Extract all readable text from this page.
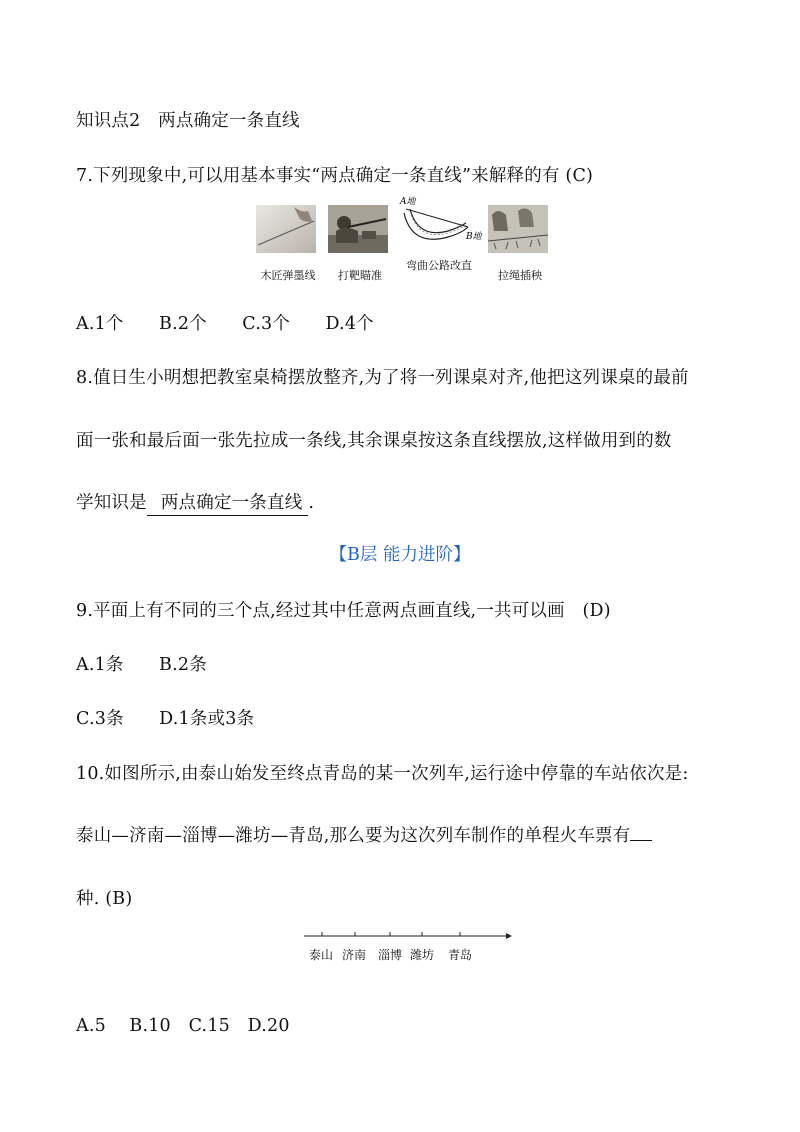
知识点2　两点确定一条直线
7.下列现象中,可以用基本事实“两点确定一条直线”来解释的有 (C)
木匠弹墨线	打靶瞄准
A地
B地
弯曲公路改直
拉绳插秧
A.1个　　B.2个　　C.3个　　D.4个
8.值日生小明想把教室桌椅摆放整齐,为了将一列课桌对齐,他把这列课桌的最前
面一张和最后面一张先拉成一条线,其余课桌按这条直线摆放,这样做用到的数
学知识是 两点确定一条直线 .
【B层 能力进阶】
9.平面上有不同的三个点,经过其中任意两点画直线,一共可以画　(D)
A.1条　　B.2条
C.3条　　D.1条或3条
10.如图所示,由泰山始发至终点青岛的某一次列车,运行途中停靠的车站依次是:
泰山—济南—淄博—潍坊—青岛,那么要为这次列车制作的单程火车票有
种. (B)
泰山 济南 淄博 潍坊 青岛
A.5　 B.10　C.15　D.20
